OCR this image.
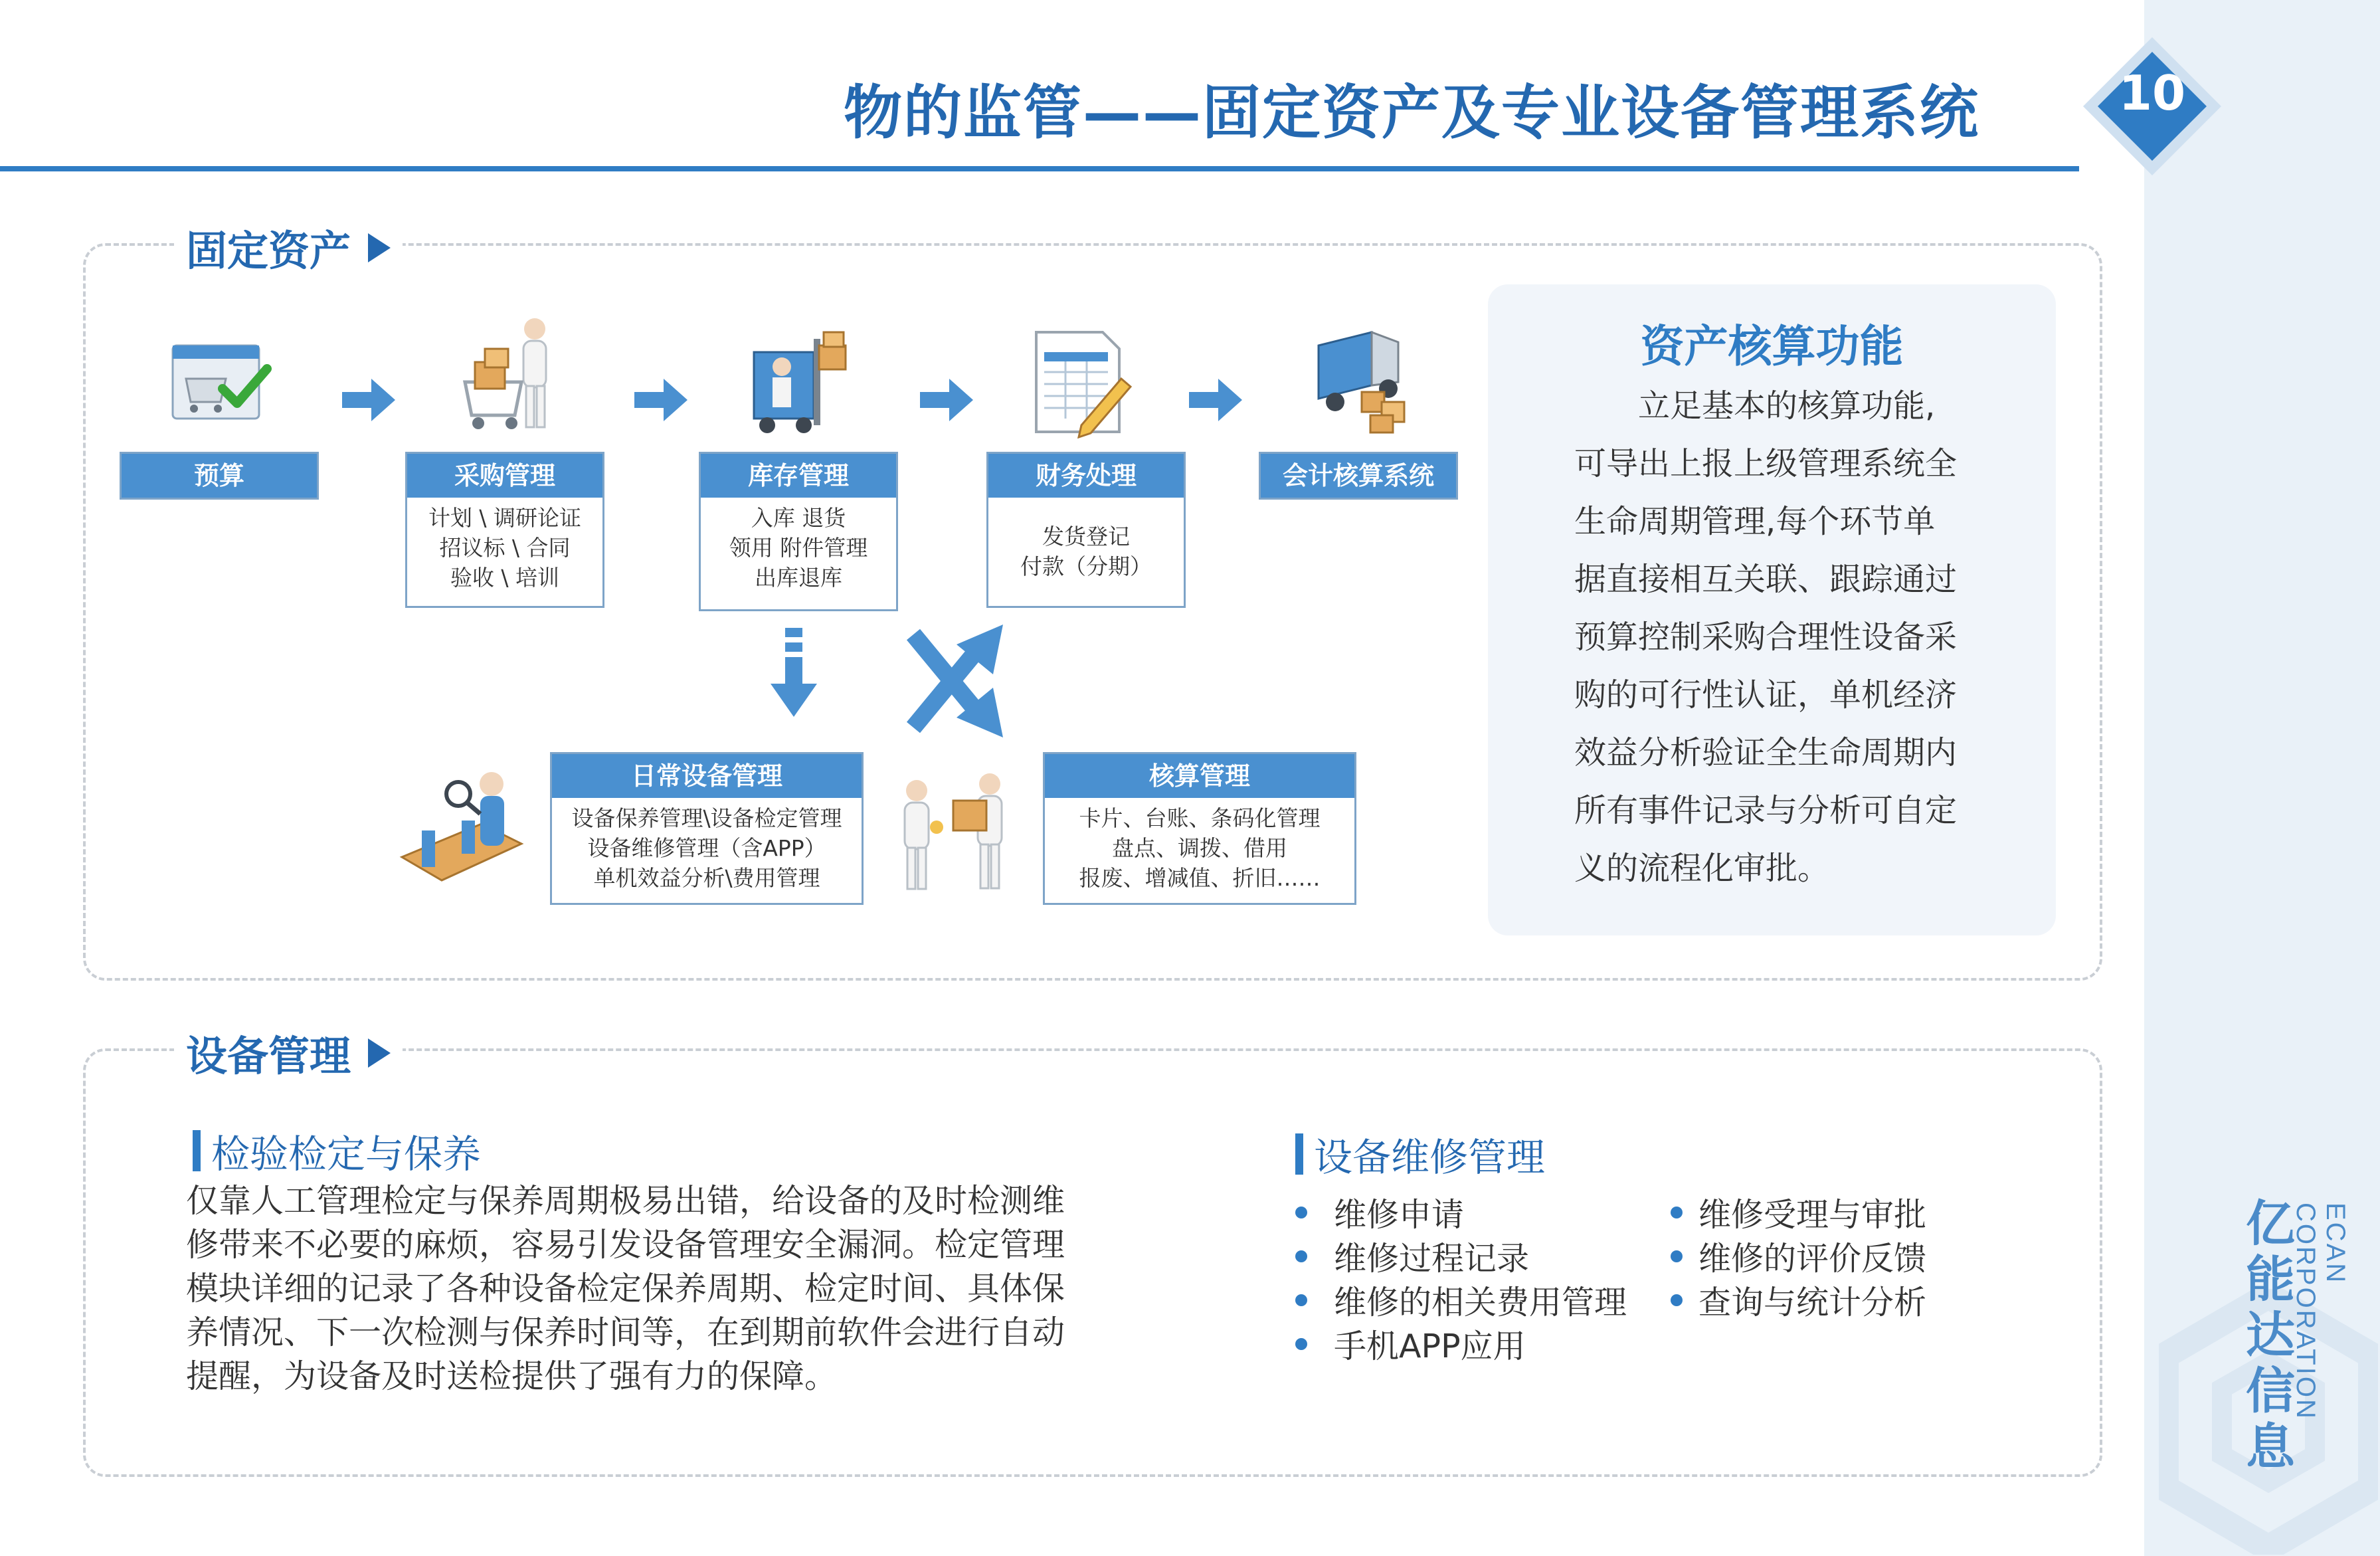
亿能达信息
ECAN CORPORATION
物的监管——固定资产及专业设备管理系统	10
固定资产
预算	采购管理
计划 \ 调研论证
招议标 \ 合同
验收 \ 培训
库存管理
入库 退货
领用 附件管理
出库退库
财务处理
发货登记
付款（分期）
会计核算系统
日常设备管理
设备保养管理\设备检定管理
设备维修管理（含APP）
单机效益分析\费用管理
核算管理
卡片、台账、条码化管理
盘点、调拨、借用
报废、增减值、折旧……
资产核算功能
　　立足基本的核算功能,
可导出上报上级管理系统全
生命周期管理,每个环节单
据直接相互关联、跟踪通过
预算控制采购合理性设备采
购的可行性认证，单机经济
效益分析验证全生命周期内
所有事件记录与分析可自定
义的流程化审批。
设备管理
检验检定与保养
仅靠人工管理检定与保养周期极易出错，给设备的及时检测维
修带来不必要的麻烦，容易引发设备管理安全漏洞。检定管理
模块详细的记录了各种设备检定保养周期、检定时间、具体保
养情况、下一次检测与保养时间等，在到期前软件会进行自动
提醒，为设备及时送检提供了强有力的保障。
设备维修管理
维修申请
维修过程记录
维修的相关费用管理
手机APP应用
维修受理与审批
维修的评价反馈
查询与统计分析
